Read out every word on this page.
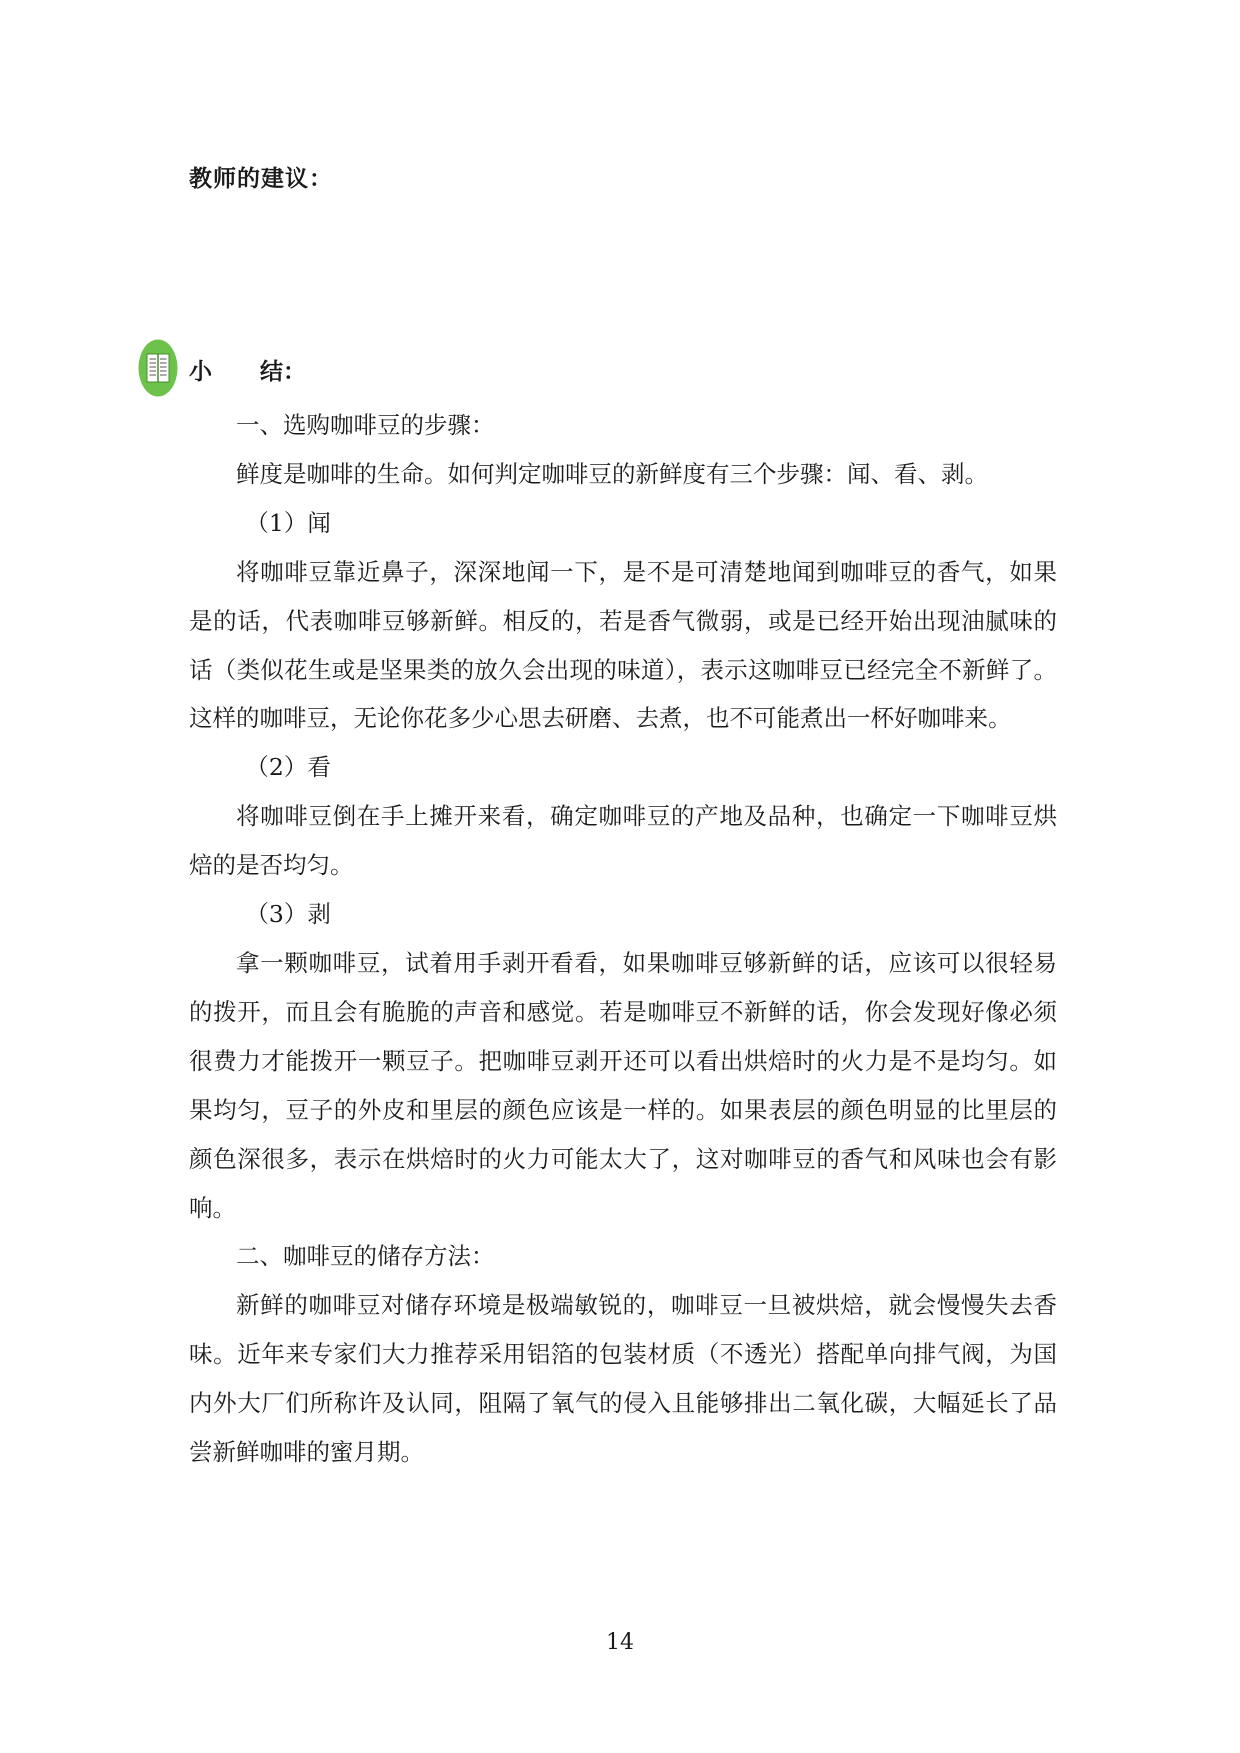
教师的建议：
小 结：

一、选购咖啡豆的步骤：

鲜度是咖啡的生命。如何判定咖啡豆的新鲜度有三个步骤：闻、看、剥。

（1）闻

将咖啡豆靠近鼻子，深深地闻一下，是不是可清楚地闻到咖啡豆的香气，如果是的话，代表咖啡豆够新鲜。相反的，若是香气微弱，或是已经开始出现油腻味的话（类似花生或是坚果类的放久会出现的味道），表示这咖啡豆已经完全不新鲜了。这样的咖啡豆，无论你花多少心思去研磨、去煮，也不可能煮出一杯好咖啡来。

（2）看

将咖啡豆倒在手上摊开来看，确定咖啡豆的产地及品种，也确定一下咖啡豆烘焙的是否均匀。

（3）剥

拿一颗咖啡豆，试着用手剥开看看，如果咖啡豆够新鲜的话，应该可以很轻易的拨开，而且会有脆脆的声音和感觉。若是咖啡豆不新鲜的话，你会发现好像必须很费力才能拨开一颗豆子。把咖啡豆剥开还可以看出烘焙时的火力是不是均匀。如果均匀，豆子的外皮和里层的颜色应该是一样的。如果表层的颜色明显的比里层的颜色深很多，表示在烘焙时的火力可能太大了，这对咖啡豆的香气和风味也会有影响。

二、咖啡豆的储存方法：

新鲜的咖啡豆对储存环境是极端敏锐的，咖啡豆一旦被烘焙，就会慢慢失去香味。近年来专家们大力推荐采用铝箔的包装材质（不透光）搭配单向排气阀，为国内外大厂们所称许及认同，阻隔了氧气的侵入且能够排出二氧化碳，大幅延长了品尝新鲜咖啡的蜜月期。

14
